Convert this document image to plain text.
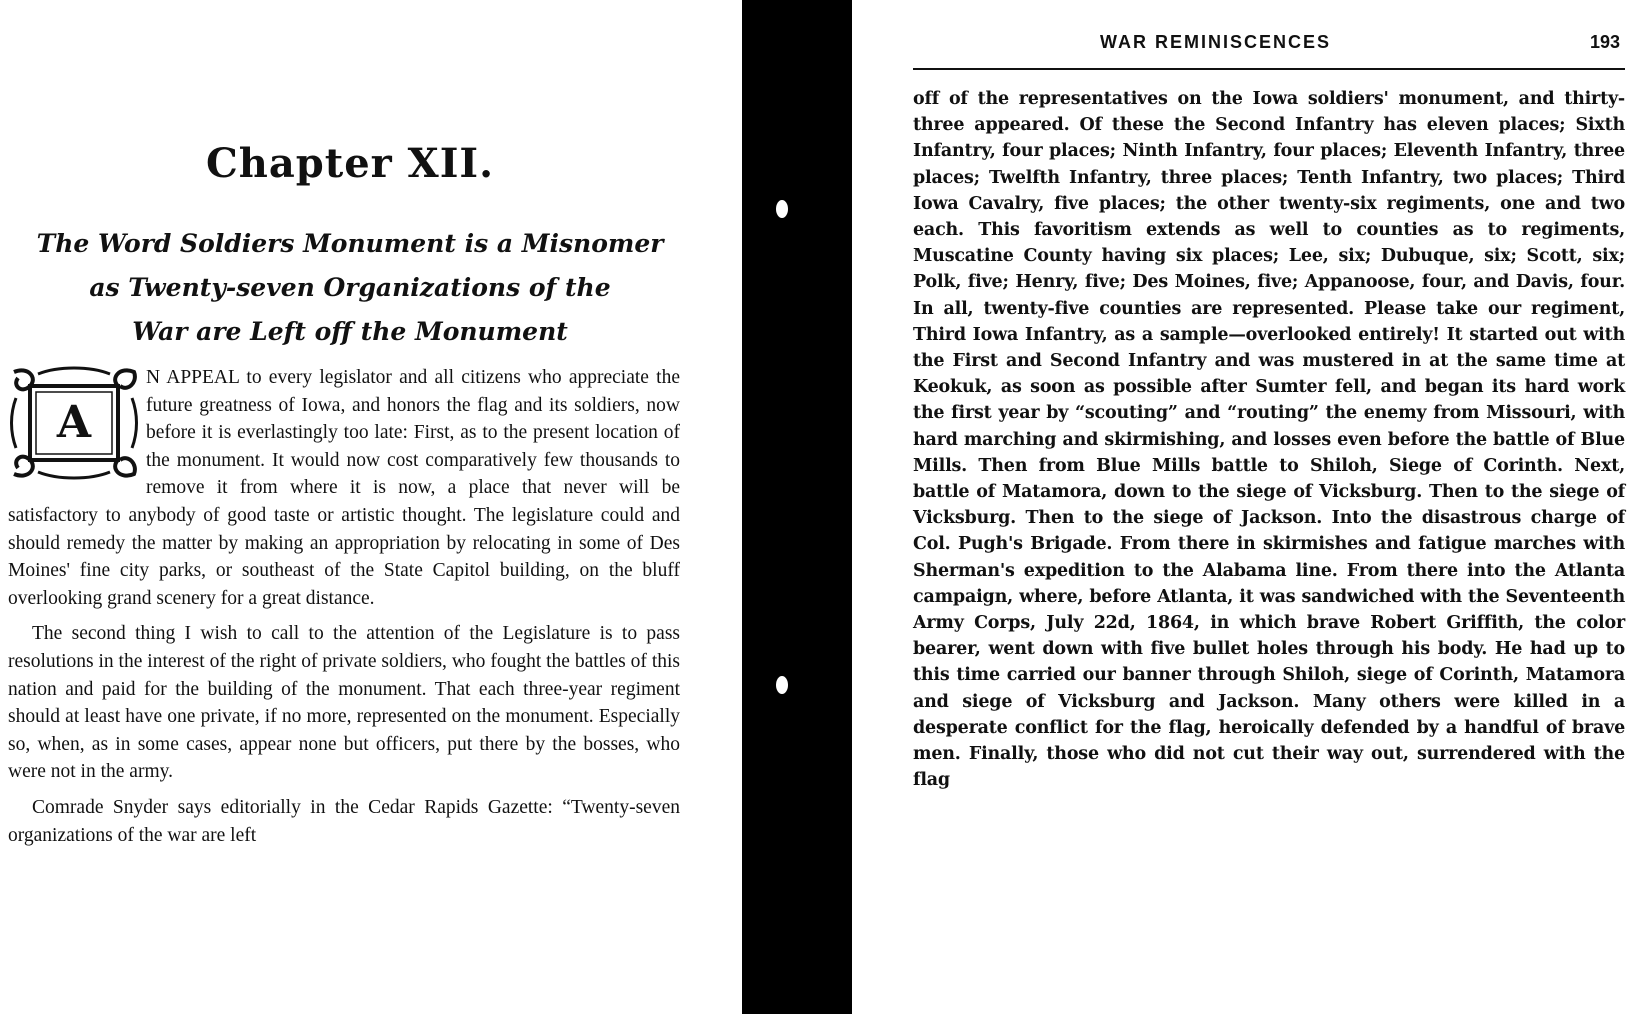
Chapter XII.
The Word Soldiers Monument is a Misnomer
as Twenty-seven Organizations of the
War are Left off the Monument

A
N APPEAL to every legislator and all citizens who appreciate the future greatness of Iowa, and honors the flag and its soldiers, now before it is everlastingly too late: First, as to the present location of the monument. It would now cost comparatively few thousands to remove it from where it is now, a place that never will be satisfactory to anybody of good taste or artistic thought. The legislature could and should remedy the matter by making an appropriation by relocating in some of Des Moines' fine city parks, or southeast of the State Capitol building, on the bluff overlooking grand scenery for a great distance.

The second thing I wish to call to the attention of the Legislature is to pass resolutions in the interest of the right of private soldiers, who fought the battles of this nation and paid for the building of the monument. That each three-year regiment should at least have one private, if no more, represented on the monument. Especially so, when, as in some cases, appear none but officers, put there by the bosses, who were not in the army.

Comrade Snyder says editorially in the Cedar Rapids Gazette: “Twenty-seven organizations of the war are left

WAR REMINISCENCES	193

off of the representatives on the Iowa soldiers' monument, and thirty-three appeared. Of these the Second Infantry has eleven places; Sixth Infantry, four places; Ninth Infantry, four places; Eleventh Infantry, three places; Twelfth Infantry, three places; Tenth Infantry, two places; Third Iowa Cavalry, five places; the other twenty-six regiments, one and two each. This favoritism extends as well to counties as to regiments, Muscatine County having six places; Lee, six; Dubuque, six; Scott, six; Polk, five; Henry, five; Des Moines, five; Appanoose, four, and Davis, four. In all, twenty-five counties are represented. Please take our regiment, Third Iowa Infantry, as a sample—overlooked entirely! It started out with the First and Second Infantry and was mustered in at the same time at Keokuk, as soon as possible after Sumter fell, and began its hard work the first year by “scouting” and “routing” the enemy from Missouri, with hard marching and skirmishing, and losses even before the battle of Blue Mills. Then from Blue Mills battle to Shiloh, Siege of Corinth. Next, battle of Matamora, down to the siege of Vicksburg. Then to the siege of Vicksburg. Then to the siege of Jackson. Into the disastrous charge of Col. Pugh's Brigade. From there in skirmishes and fatigue marches with Sherman's expedition to the Alabama line. From there into the Atlanta campaign, where, before Atlanta, it was sandwiched with the Seventeenth Army Corps, July 22d, 1864, in which brave Robert Griffith, the color bearer, went down with five bullet holes through his body. He had up to this time carried our banner through Shiloh, siege of Corinth, Matamora and siege of Vicksburg and Jackson. Many others were killed in a desperate conflict for the flag, heroically defended by a handful of brave men. Finally, those who did not cut their way out, surrendered with the flag
